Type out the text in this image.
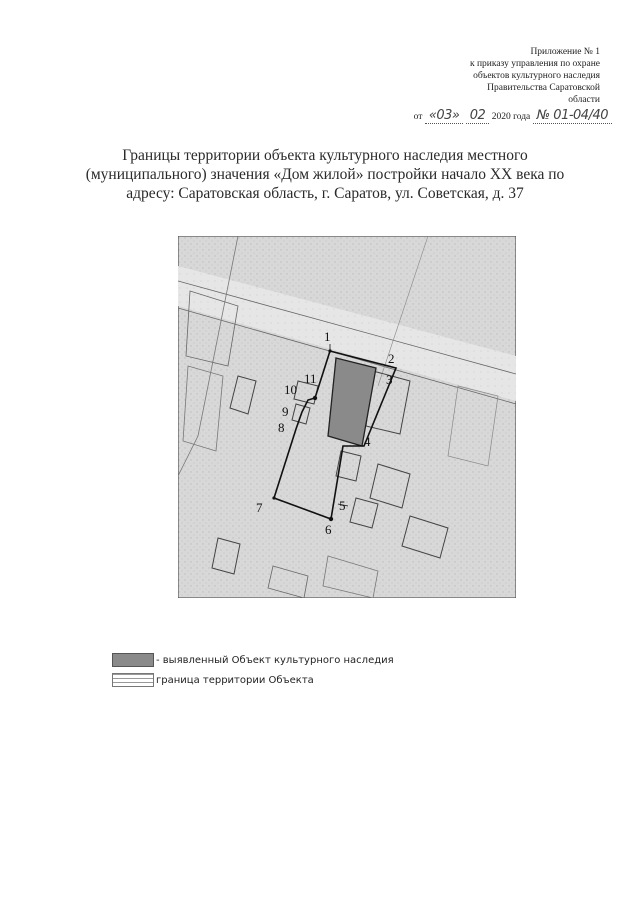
Приложение № 1
к приказу управления по охране
объектов культурного наследия
Правительства Саратовской
области
от «03» 02 2020 года № 01-04/40
Границы территории объекта культурного наследия местного
(муниципального) значения «Дом жилой» постройки начало XX века по
адресу: Саратовская область, г. Саратов, ул. Советская, д. 37
1
2
3
4
5
6
7
8
9
10
11
- выявленный Объект культурного наследия
граница территории Объекта
